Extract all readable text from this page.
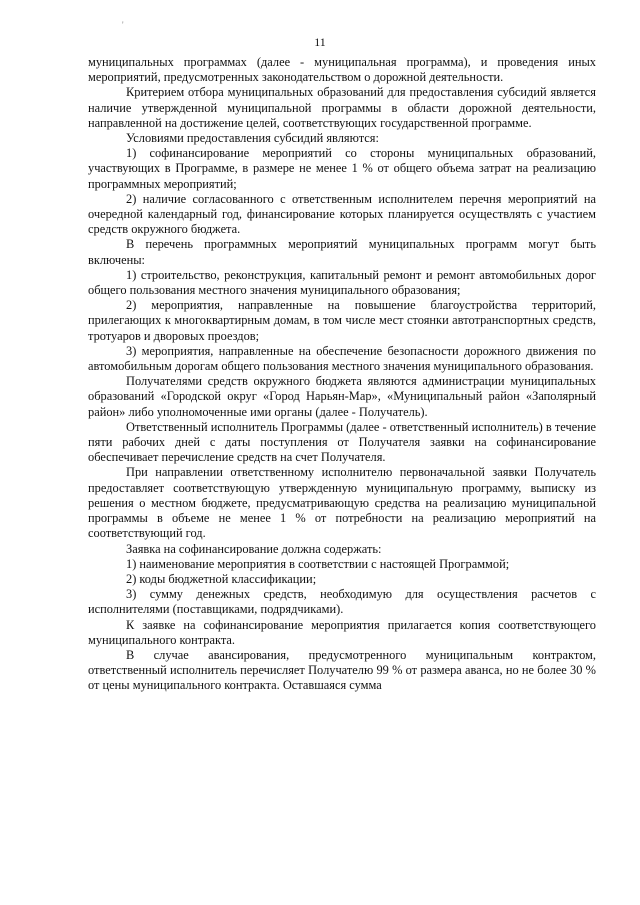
'
11

муниципальных программах (далее - муниципальная программа), и проведения иных мероприятий, предусмотренных законодательством о дорожной деятельности.

Критерием отбора муниципальных образований для предоставления субсидий является наличие утвержденной муниципальной программы в области дорожной деятельности, направленной на достижение целей, соответствующих государственной программе.

Условиями предоставления субсидий являются:

1) софинансирование мероприятий со стороны муниципальных образований, участвующих в Программе, в размере не менее 1 % от общего объема затрат на реализацию программных мероприятий;

2) наличие согласованного с ответственным исполнителем перечня мероприятий на очередной календарный год, финансирование которых планируется осуществлять с участием средств окружного бюджета.

В перечень программных мероприятий муниципальных программ могут быть включены:

1) строительство, реконструкция, капитальный ремонт и ремонт автомобильных дорог общего пользования местного значения муниципального образования;

2) мероприятия, направленные на повышение благоустройства территорий, прилегающих к многоквартирным домам, в том числе мест стоянки автотранспортных средств, тротуаров и дворовых проездов;

3) мероприятия, направленные на обеспечение безопасности дорожного движения по автомобильным дорогам общего пользования местного значения муниципального образования.

Получателями средств окружного бюджета являются администрации муниципальных образований «Городской округ «Город Нарьян-Мар», «Муниципальный район «Заполярный район» либо уполномоченные ими органы (далее - Получатель).

Ответственный исполнитель Программы (далее - ответственный исполнитель) в течение пяти рабочих дней с даты поступления от Получателя заявки на софинансирование обеспечивает перечисление средств на счет Получателя.

При направлении ответственному исполнителю первоначальной заявки Получатель предоставляет соответствующую утвержденную муниципальную программу, выписку из решения о местном бюджете, предусматривающую средства на реализацию муниципальной программы в объеме не менее 1 % от потребности на реализацию мероприятий на соответствующий год.

Заявка на софинансирование должна содержать:

1) наименование мероприятия в соответствии с настоящей Программой;

2) коды бюджетной классификации;

3) сумму денежных средств, необходимую для осуществления расчетов с исполнителями (поставщиками, подрядчиками).

К заявке на софинансирование мероприятия прилагается копия соответствующего муниципального контракта.

В случае авансирования, предусмотренного муниципальным контрактом, ответственный исполнитель перечисляет Получателю 99 % от размера аванса, но не более 30 % от цены муниципального контракта. Оставшаяся сумма
